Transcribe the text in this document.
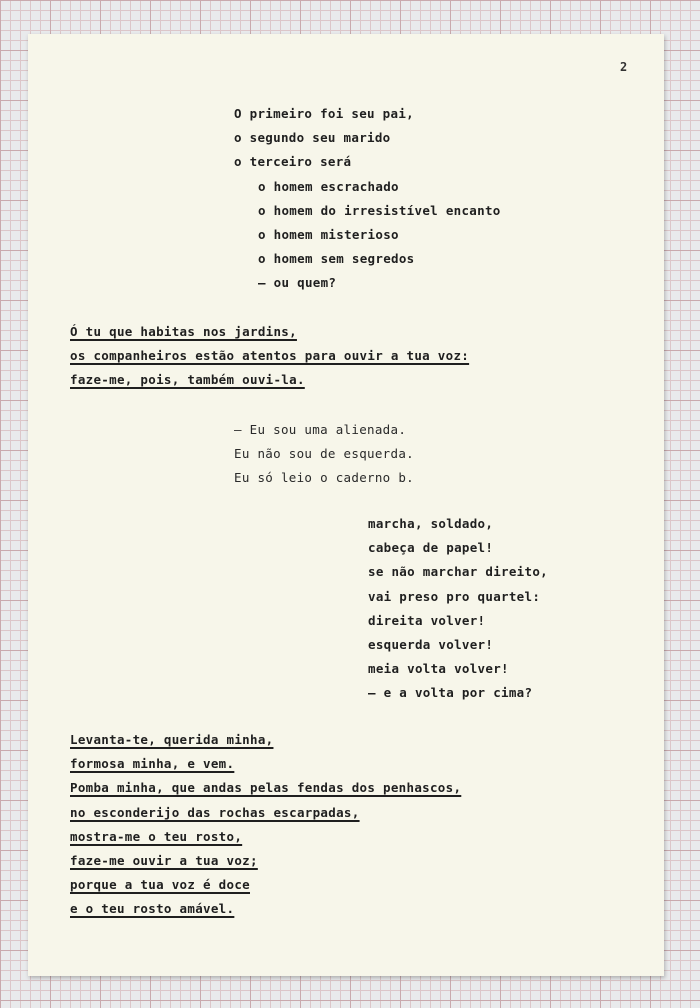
2
O primeiro foi seu pai,
o segundo seu marido
o terceiro será
o homem escrachado
o homem do irresistível encanto
o homem misterioso
o homem sem segredos
— ou quem?
Ó tu que habitas nos jardins,
os companheiros estão atentos para ouvir a tua voz:
faze-me, pois, também ouvi-la.
— Eu sou uma alienada.
Eu não sou de esquerda.
Eu só leio o caderno b.
marcha, soldado,
cabeça de papel!
se não marchar direito,
vai preso pro quartel:
direita volver!
esquerda volver!
meia volta volver!
— e a volta por cima?
Levanta-te, querida minha,
formosa minha, e vem.
Pomba minha, que andas pelas fendas dos penhascos,
no esconderijo das rochas escarpadas,
mostra-me o teu rosto,
faze-me ouvir a tua voz;
porque a tua voz é doce
e o teu rosto amável.
